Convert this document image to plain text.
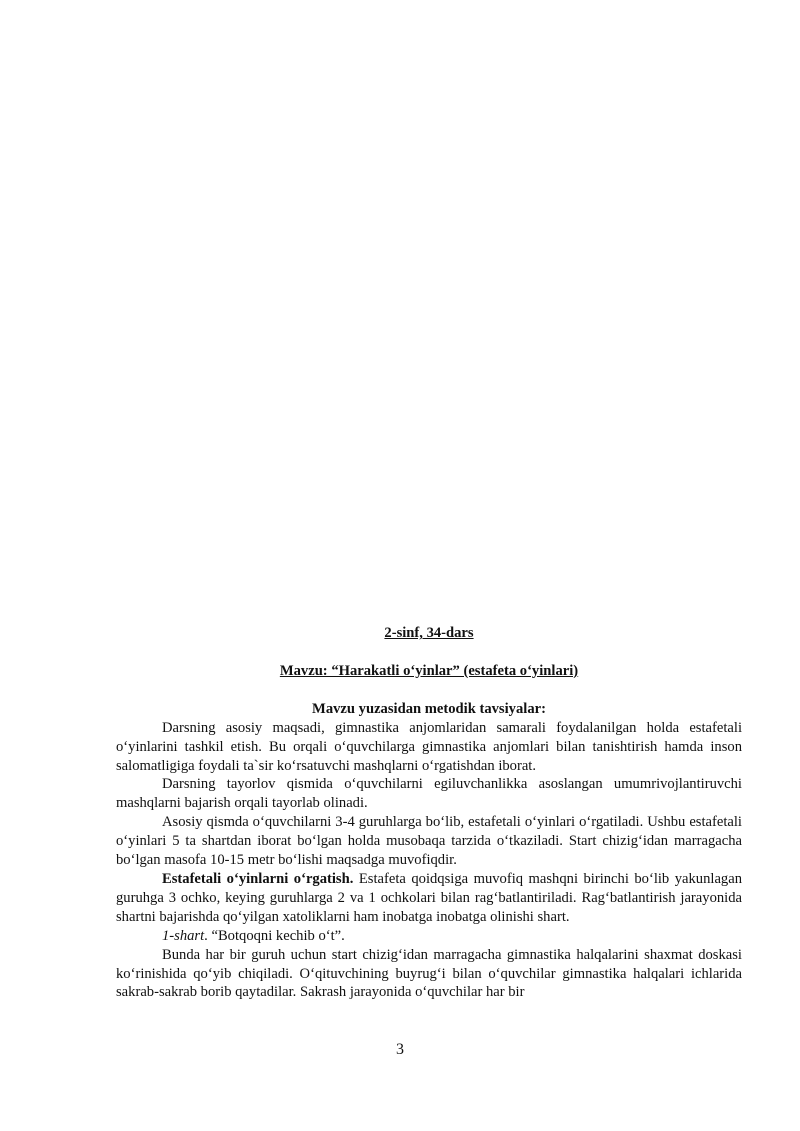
2-sinf, 34-dars

Mavzu: “Harakatli o‘yinlar” (estafeta o‘yinlari)

Mavzu yuzasidan metodik tavsiyalar:

Darsning asosiy maqsadi, gimnastika anjomlaridan samarali foydalanilgan holda estafetali o‘yinlarini tashkil etish. Bu orqali o‘quvchilarga gimnastika anjomlari bilan tanishtirish hamda inson salomatligiga foydali ta`sir ko‘rsatuvchi mashqlarni o‘rgatishdan iborat.

Darsning tayorlov qismida o‘quvchilarni egiluvchanlikka asoslangan umumrivojlantiruvchi mashqlarni bajarish orqali tayorlab olinadi.

Asosiy qismda o‘quvchilarni 3-4 guruhlarga bo‘lib, estafetali o‘yinlari o‘rgatiladi. Ushbu estafetali o‘yinlari 5 ta shartdan iborat bo‘lgan holda musobaqa tarzida o‘tkaziladi. Start chizig‘idan marragacha bo‘lgan masofa 10-15 metr bo‘lishi maqsadga muvofiqdir.

Estafetali o‘yinlarni o‘rgatish. Estafeta qoidqsiga muvofiq mashqni birinchi bo‘lib yakunlagan guruhga 3 ochko, keying guruhlarga 2 va 1 ochkolari bilan rag‘batlantiriladi. Rag‘batlantirish jarayonida shartni bajarishda qo‘yilgan xatoliklarni ham inobatga inobatga olinishi shart.

1-shart. “Botqoqni kechib o‘t”.

Bunda har bir guruh uchun start chizig‘idan marragacha gimnastika halqalarini shaxmat doskasi ko‘rinishida qo‘yib chiqiladi. O‘qituvchining buyrug‘i bilan o‘quvchilar gimnastika halqalari ichlarida sakrab-sakrab borib qaytadilar. Sakrash jarayonida o‘quvchilar har bir

3
